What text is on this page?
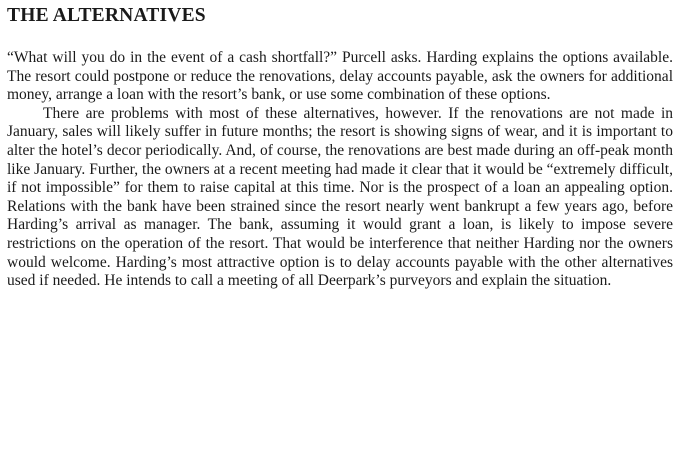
THE ALTERNATIVES

“What will you do in the event of a cash shortfall?” Purcell asks. Harding explains the options available. The resort could postpone or reduce the renovations, delay accounts payable, ask the owners for additional money, arrange a loan with the resort’s bank, or use some combination of these options.

There are problems with most of these alternatives, however. If the renovations are not made in January, sales will likely suffer in future months; the resort is showing signs of wear, and it is important to alter the hotel’s decor periodically. And, of course, the renovations are best made during an off-peak month like January. Further, the owners at a recent meeting had made it clear that it would be “extremely difficult, if not impossible” for them to raise capital at this time. Nor is the prospect of a loan an appealing option. Relations with the bank have been strained since the resort nearly went bankrupt a few years ago, before Harding’s arrival as manager. The bank, assuming it would grant a loan, is likely to impose severe restrictions on the operation of the resort. That would be interference that neither Harding nor the owners would welcome. Harding’s most attractive option is to delay accounts payable with the other alternatives used if needed. He intends to call a meeting of all Deerpark’s purveyors and explain the situation.
